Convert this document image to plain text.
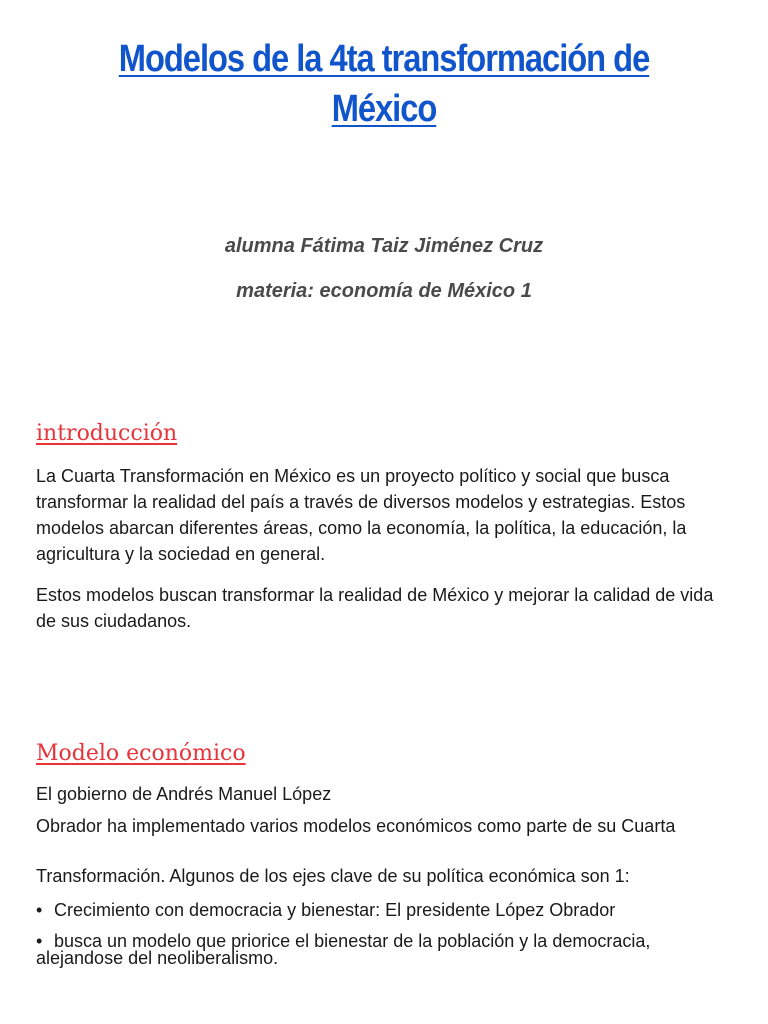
Modelos de la 4ta transformación de México

alumna Fátima Taiz Jiménez Cruz

materia: economía de México 1

introducción

La Cuarta Transformación en México es un proyecto político y social que busca transformar la realidad del país a través de diversos modelos y estrategias. Estos modelos abarcan diferentes áreas, como la economía, la política, la educación, la agricultura y la sociedad en general.

Estos modelos buscan transformar la realidad de México y mejorar la calidad de vida de sus ciudadanos.

Modelo económico

El gobierno de Andrés Manuel López

Obrador ha implementado varios modelos económicos como parte de su Cuarta

Transformación. Algunos de los ejes clave de su política económica son 1:

• Crecimiento con democracia y bienestar: El presidente López Obrador

• busca un modelo que priorice el bienestar de la población y la democracia, alejandose del neoliberalismo.
